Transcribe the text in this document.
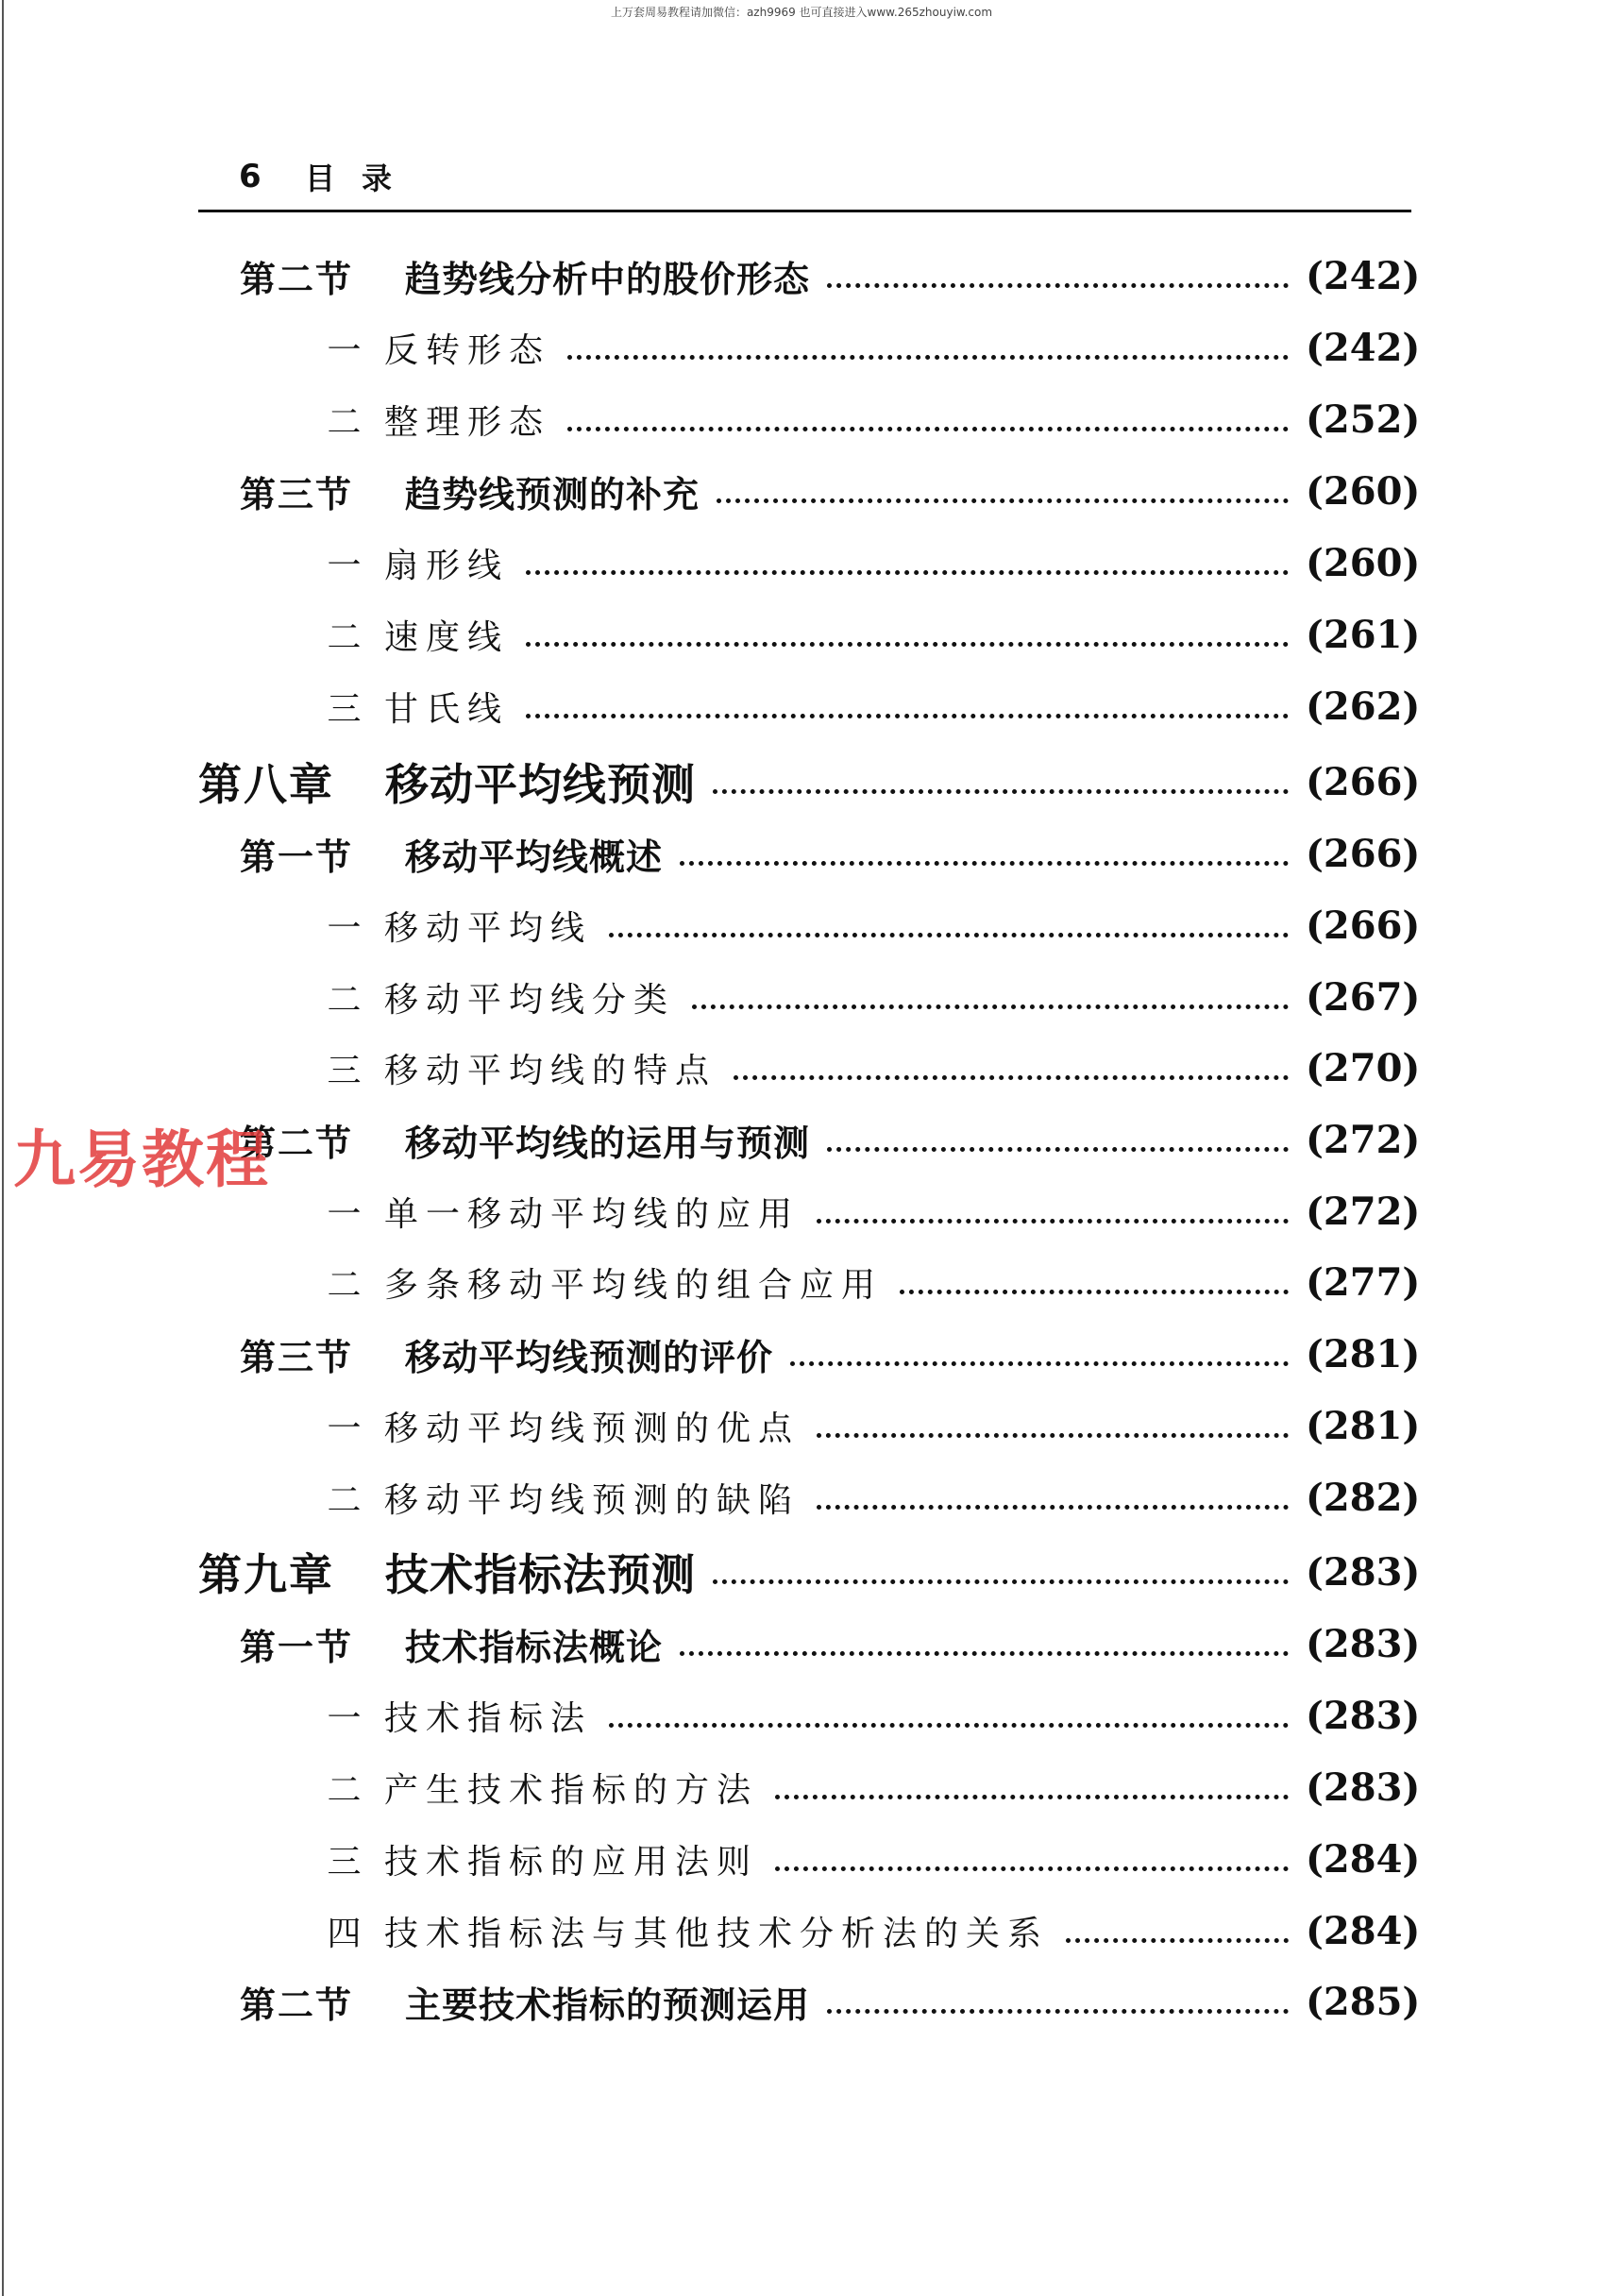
上万套周易教程请加微信：azh9969 也可直接进入www.265zhouyiw.com
6	目录
第二节	趋势线分析中的股价形态	(242)
一 反转形态	(242)
二 整理形态	(252)
第三节	趋势线预测的补充	(260)
一 扇形线	(260)
二 速度线	(261)
三 甘氏线	(262)
第八章	移动平均线预测	(266)
第一节	移动平均线概述	(266)
一 移动平均线	(266)
二 移动平均线分类	(267)
三 移动平均线的特点	(270)
第二节	移动平均线的运用与预测	(272)
一 单一移动平均线的应用	(272)
二 多条移动平均线的组合应用	(277)
第三节	移动平均线预测的评价	(281)
一 移动平均线预测的优点	(281)
二 移动平均线预测的缺陷	(282)
第九章	技术指标法预测	(283)
第一节	技术指标法概论	(283)
一 技术指标法	(283)
二 产生技术指标的方法	(283)
三 技术指标的应用法则	(284)
四 技术指标法与其他技术分析法的关系	(284)
第二节	主要技术指标的预测运用	(285)
九易教程
